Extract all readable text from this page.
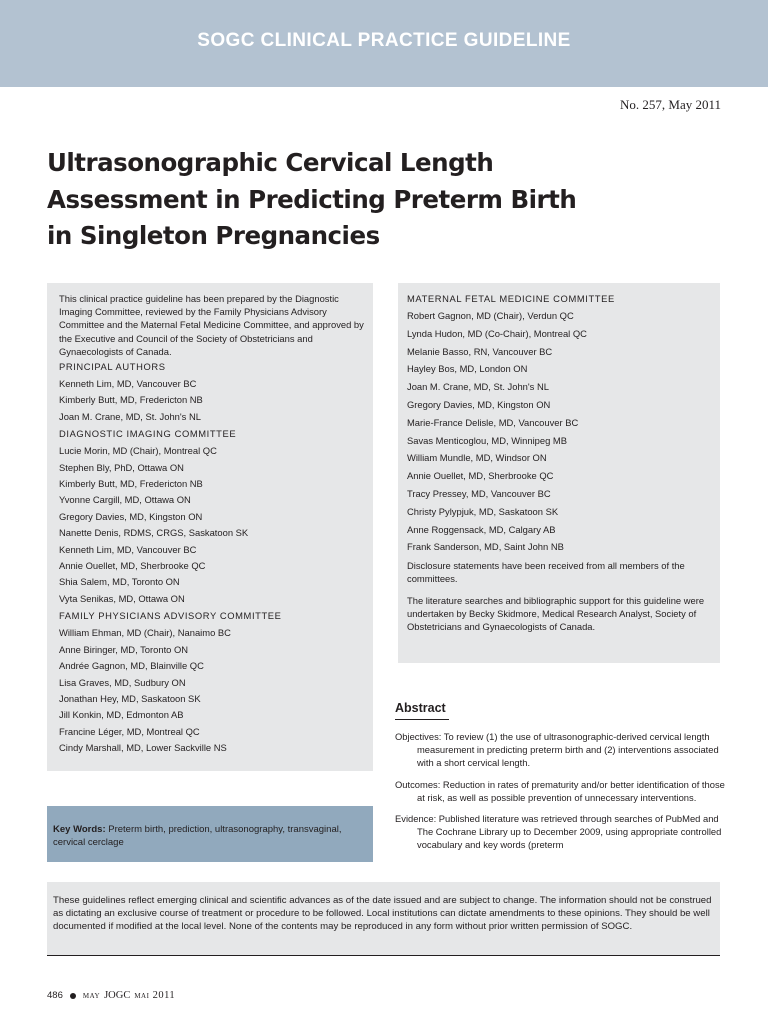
SOGC CLINICAL PRACTICE GUIDELINE
No. 257, May 2011
Ultrasonographic Cervical Length
Assessment in Predicting Preterm Birth
in Singleton Pregnancies
This clinical practice guideline has been prepared by the Diagnostic Imaging Committee, reviewed by the Family Physicians Advisory Committee and the Maternal Fetal Medicine Committee, and approved by the Executive and Council of the Society of Obstetricians and Gynaecologists of Canada.
PRINCIPAL AUTHORS
Kenneth Lim, MD, Vancouver BC
Kimberly Butt, MD, Fredericton NB
Joan M. Crane, MD, St. John's NL
DIAGNOSTIC IMAGING COMMITTEE
Lucie Morin, MD (Chair), Montreal QC
Stephen Bly, PhD, Ottawa ON
Kimberly Butt, MD, Fredericton NB
Yvonne Cargill, MD, Ottawa ON
Gregory Davies, MD, Kingston ON
Nanette Denis, RDMS, CRGS, Saskatoon SK
Kenneth Lim, MD, Vancouver BC
Annie Ouellet, MD, Sherbrooke QC
Shia Salem, MD, Toronto ON
Vyta Senikas, MD, Ottawa ON
FAMILY PHYSICIANS ADVISORY COMMITTEE
William Ehman, MD (Chair), Nanaimo BC
Anne Biringer, MD, Toronto ON
Andrée Gagnon, MD, Blainville QC
Lisa Graves, MD, Sudbury ON
Jonathan Hey, MD, Saskatoon SK
Jill Konkin, MD, Edmonton AB
Francine Léger, MD, Montreal QC
Cindy Marshall, MD, Lower Sackville NS
MATERNAL FETAL MEDICINE COMMITTEE
Robert Gagnon, MD (Chair), Verdun QC
Lynda Hudon, MD (Co-Chair), Montreal QC
Melanie Basso, RN, Vancouver BC
Hayley Bos, MD, London ON
Joan M. Crane, MD, St. John's NL
Gregory Davies, MD, Kingston ON
Marie-France Delisle, MD, Vancouver BC
Savas Menticoglou, MD, Winnipeg MB
William Mundle, MD, Windsor ON
Annie Ouellet, MD, Sherbrooke QC
Tracy Pressey, MD, Vancouver BC
Christy Pylypjuk, MD, Saskatoon SK
Anne Roggensack, MD, Calgary AB
Frank Sanderson, MD, Saint John NB
Disclosure statements have been received from all members of the committees.
The literature searches and bibliographic support for this guideline were undertaken by Becky Skidmore, Medical Research Analyst, Society of Obstetricians and Gynaecologists of Canada.
Key Words: Preterm birth, prediction, ultrasonography, transvaginal, cervical cerclage
Abstract
Objectives: To review (1) the use of ultrasonographic-derived cervical length measurement in predicting preterm birth and (2) interventions associated with a short cervical length.
Outcomes: Reduction in rates of prematurity and/or better identification of those at risk, as well as possible prevention of unnecessary interventions.
Evidence: Published literature was retrieved through searches of PubMed and The Cochrane Library up to December 2009, using appropriate controlled vocabulary and key words (preterm
These guidelines reflect emerging clinical and scientific advances as of the date issued and are subject to change. The information should not be construed as dictating an exclusive course of treatment or procedure to be followed. Local institutions can dictate amendments to these opinions. They should be well documented if modified at the local level. None of the contents may be reproduced in any form without prior written permission of SOGC.
486 may JOGC mai 2011
